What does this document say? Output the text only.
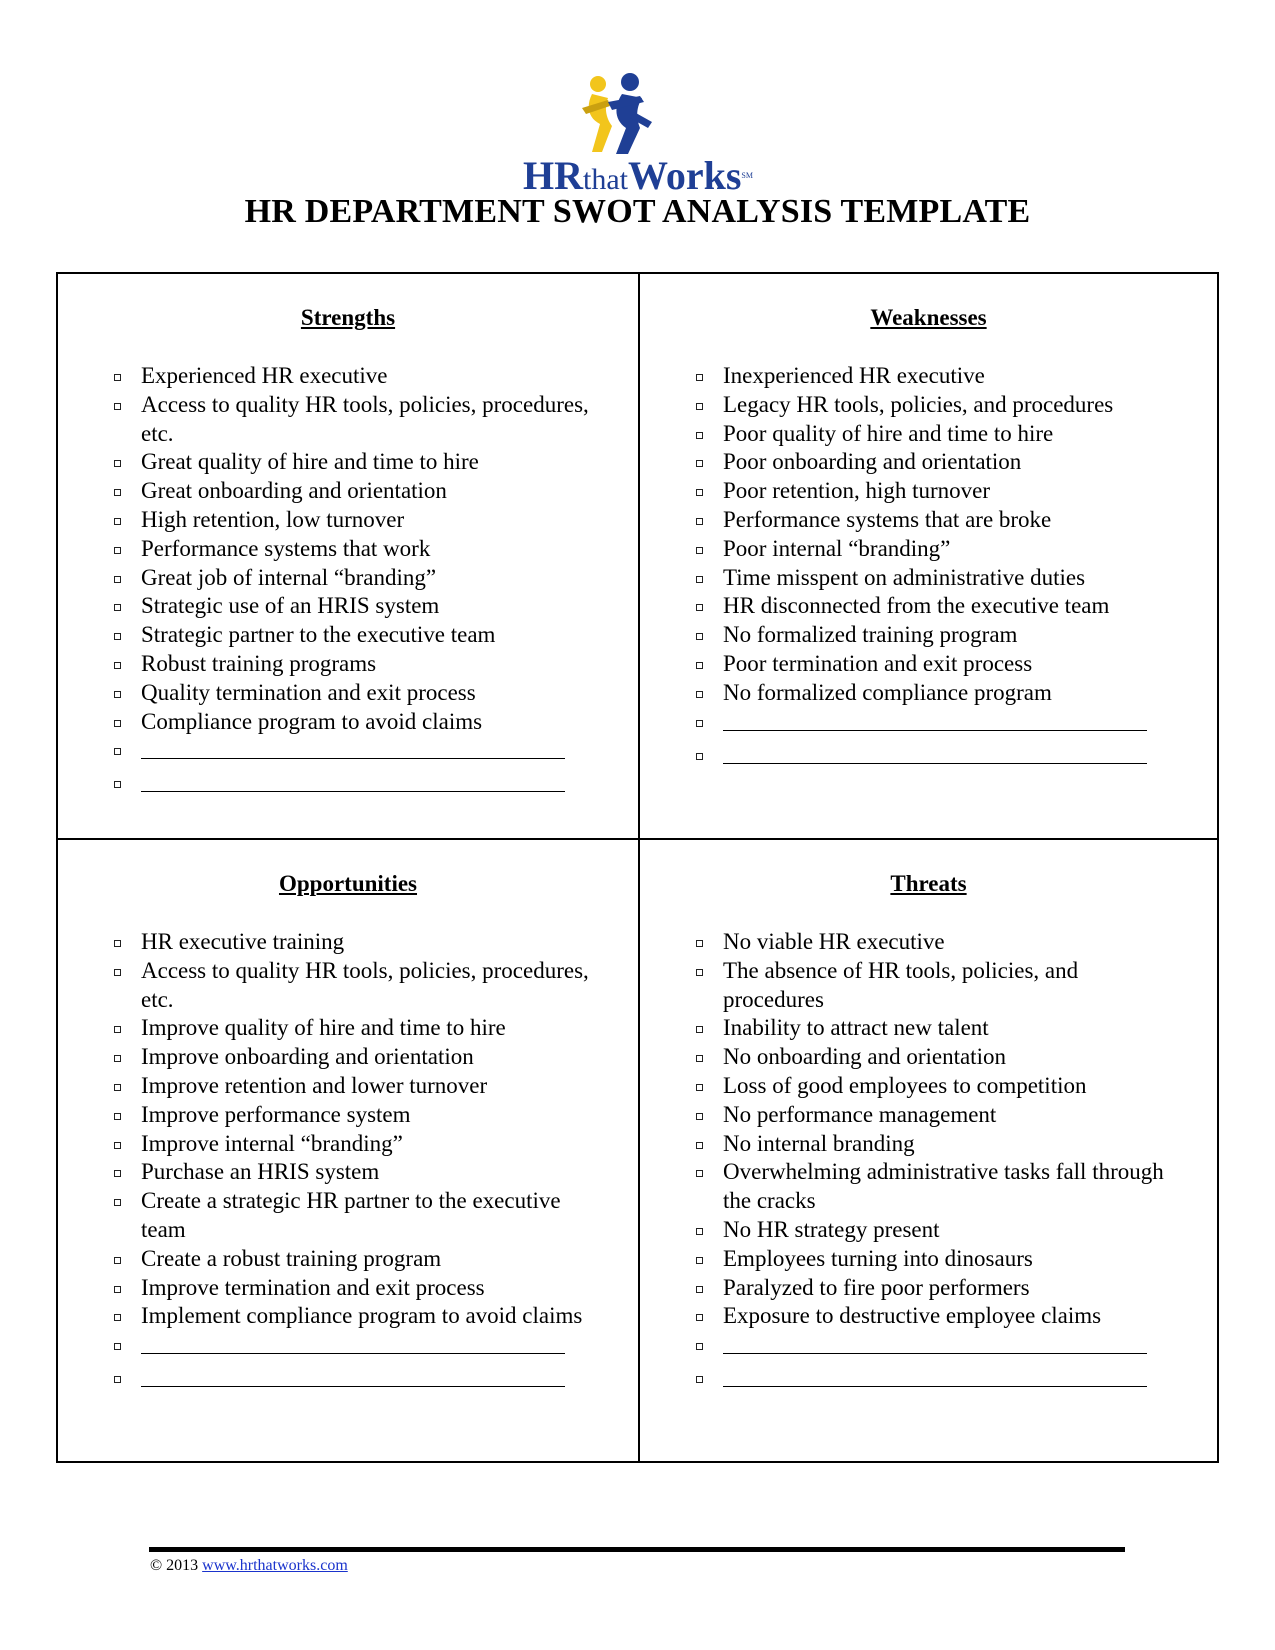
HRthatWorks℠
HR DEPARTMENT SWOT ANALYSIS TEMPLATE
Strengths
Experienced HR executive
Access to quality HR tools, policies, procedures, etc.
Great quality of hire and time to hire
Great onboarding and orientation
High retention, low turnover
Performance systems that work
Great job of internal “branding”
Strategic use of an HRIS system
Strategic partner to the executive team
Robust training programs
Quality termination and exit process
Compliance program to avoid claims
Weaknesses
Inexperienced HR executive
Legacy HR tools, policies, and procedures
Poor quality of hire and time to hire
Poor onboarding and orientation
Poor retention, high turnover
Performance systems that are broke
Poor internal “branding”
Time misspent on administrative duties
HR disconnected from the executive team
No formalized training program
Poor termination and exit process
No formalized compliance program
Opportunities
HR executive training
Access to quality HR tools, policies, procedures, etc.
Improve quality of hire and time to hire
Improve onboarding and orientation
Improve retention and lower turnover
Improve performance system
Improve internal “branding”
Purchase an HRIS system
Create a strategic HR partner to the executive team
Create a robust training program
Improve termination and exit process
Implement compliance program to avoid claims
Threats
No viable HR executive
The absence of HR tools, policies, and procedures
Inability to attract new talent
No onboarding and orientation
Loss of good employees to competition
No performance management
No internal branding
Overwhelming administrative tasks fall through the cracks
No HR strategy present
Employees turning into dinosaurs
Paralyzed to fire poor performers
Exposure to destructive employee claims
© 2013 www.hrthatworks.com
